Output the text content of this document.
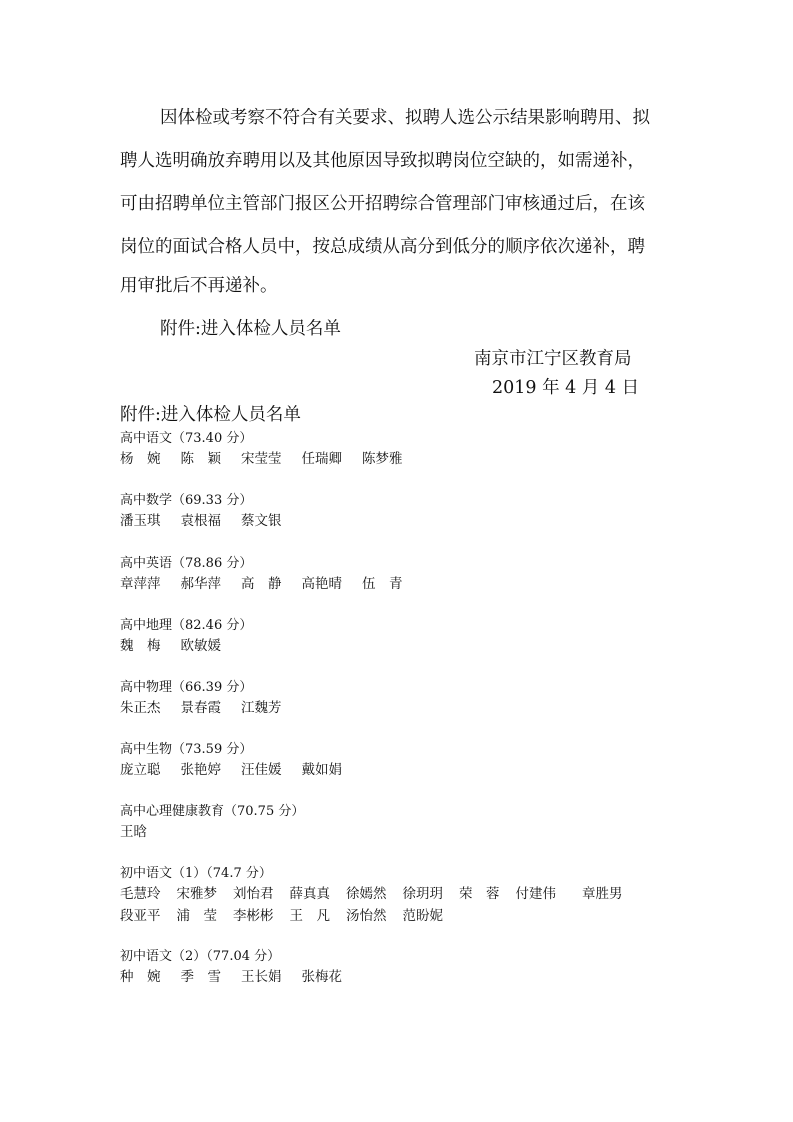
因体检或考察不符合有关要求、拟聘人选公示结果影响聘用、拟
聘人选明确放弃聘用以及其他原因导致拟聘岗位空缺的，如需递补，
可由招聘单位主管部门报区公开招聘综合管理部门审核通过后，在该
岗位的面试合格人员中，按总成绩从高分到低分的顺序依次递补，聘
用审批后不再递补。
附件:进入体检人员名单
南京市江宁区教育局
2019 年 4 月 4 日
附件:进入体检人员名单
高中语文（73.40 分）
杨　婉 陈　颖 宋莹莹 任瑞卿 陈梦雅
高中数学（69.33 分）
潘玉琪 袁根福 蔡文银
高中英语（78.86 分）
章萍萍 郝华萍 高　静 高艳晴 伍　青
高中地理（82.46 分）
魏　梅 欧敏媛
高中物理（66.39 分）
朱正杰 景春霞 江魏芳
高中生物（73.59 分）
庞立聪 张艳婷 汪佳媛 戴如娟
高中心理健康教育（70.75 分）
王晗
初中语文（1）（74.7 分）
毛慧玲 宋雅梦 刘怡君 薛真真 徐嫣然 徐玥玥 荣　蓉 付建伟 章胜男
段亚平 浦　莹 李彬彬 王　凡 汤怡然 范盼妮
初中语文（2）（77.04 分）
种　婉 季　雪 王长娟 张梅花
